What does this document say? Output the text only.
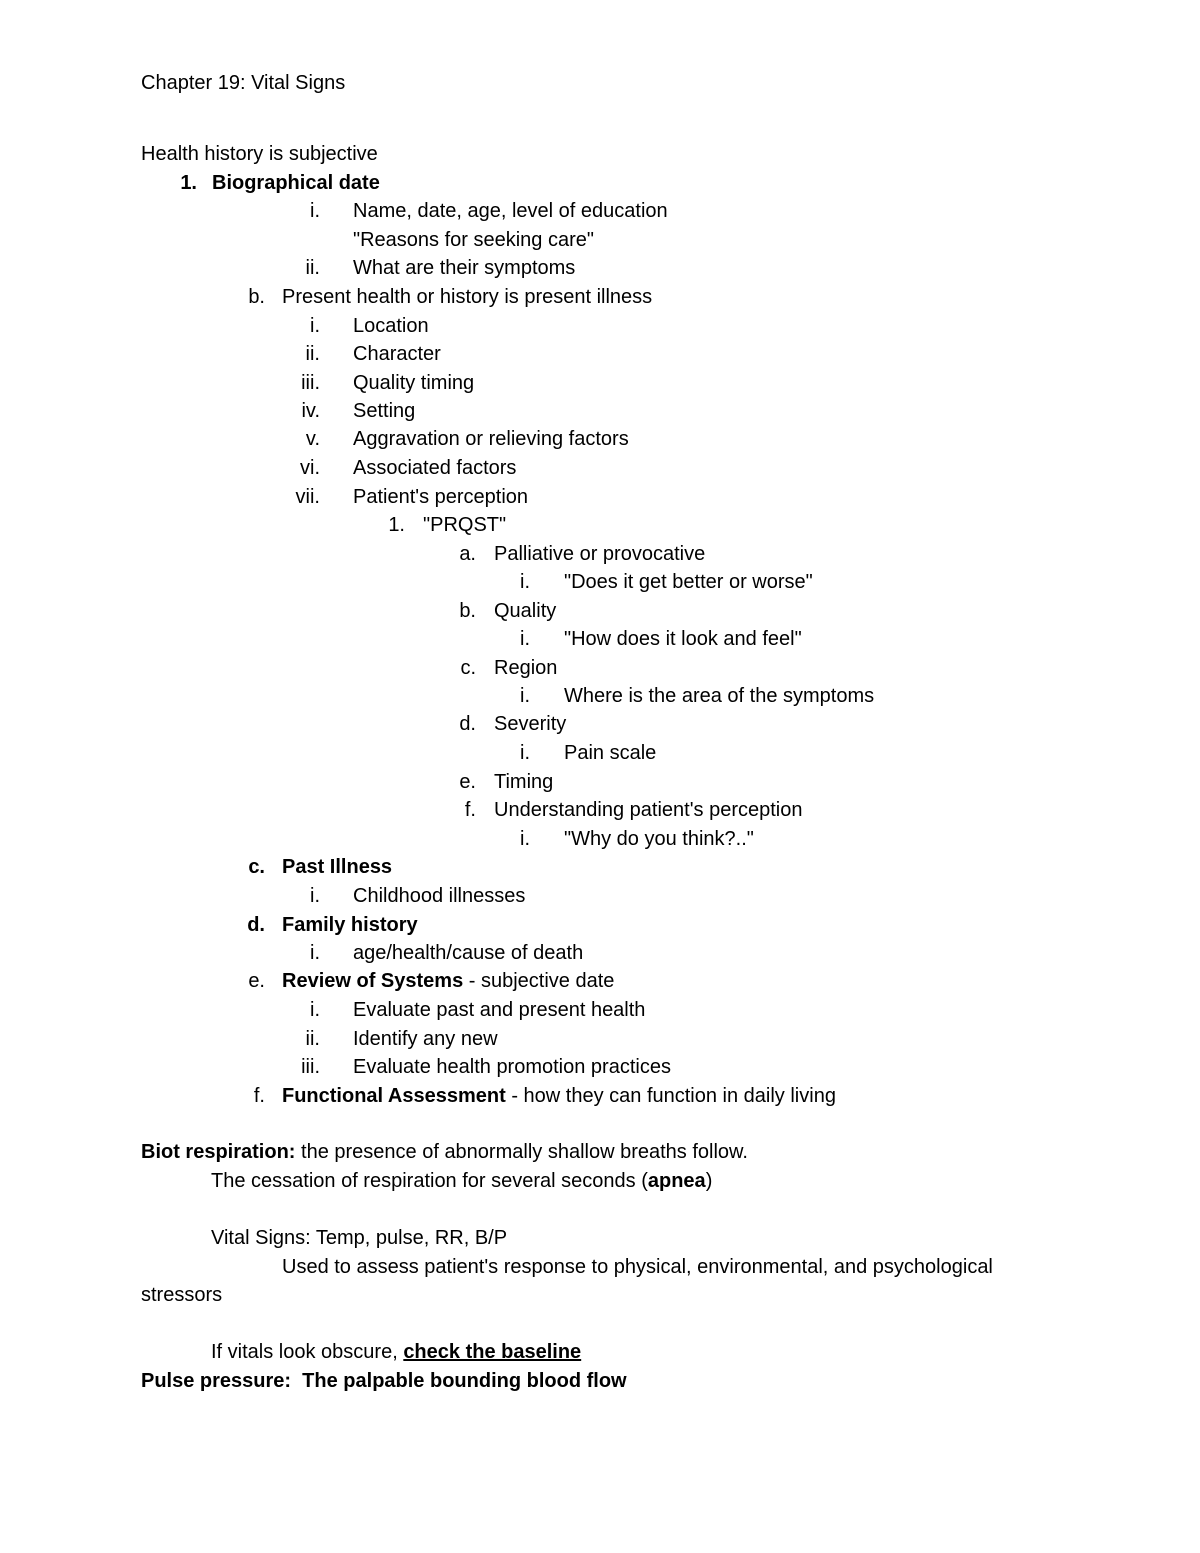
Chapter 19: Vital Signs
Health history is subjective
1. Biographical date
i. Name, date, age, level of education
"Reasons for seeking care"
ii. What are their symptoms
b. Present health or history is present illness
i. Location
ii. Character
iii. Quality timing
iv. Setting
v. Aggravation or relieving factors
vi. Associated factors
vii. Patient's perception
1. "PRQST"
a. Palliative or provocative
i. "Does it get better or worse"
b. Quality
i. "How does it look and feel"
c. Region
i. Where is the area of the symptoms
d. Severity
i. Pain scale
e. Timing
f. Understanding patient's perception
i. "Why do you think?.."
c. Past Illness
i. Childhood illnesses
d. Family history
i. age/health/cause of death
e. Review of Systems - subjective date
i. Evaluate past and present health
ii. Identify any new
iii. Evaluate health promotion practices
f. Functional Assessment - how they can function in daily living
Biot respiration: the presence of abnormally shallow breaths follow.
The cessation of respiration for several seconds (apnea)
Vital Signs: Temp, pulse, RR, B/P
Used to assess patient's response to physical, environmental, and psychological
stressors
If vitals look obscure, check the baseline
Pulse pressure:  The palpable bounding blood flow
